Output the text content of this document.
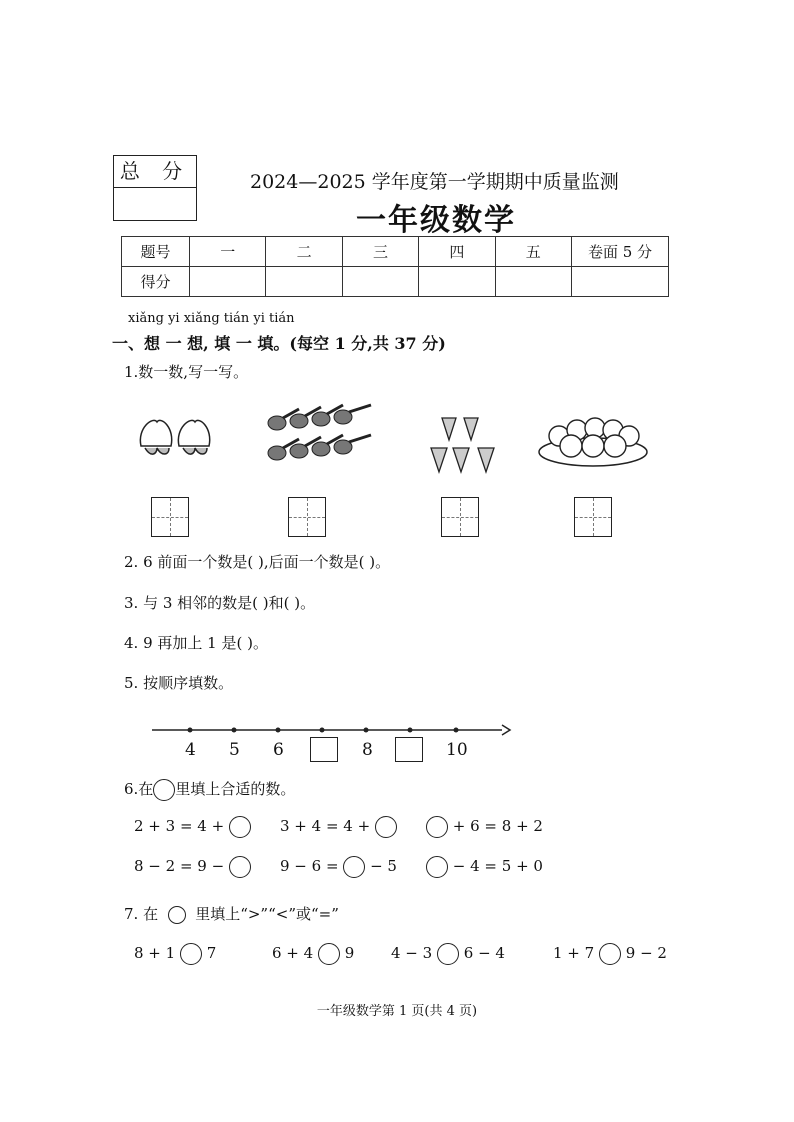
总 分	2024—2025 学年度第一学期期中质量监测
一年级数学
题号	一	二	三	四	五	卷面 5 分
得分						
xiǎng yi xiǎng tián yi tián
一、想 一 想, 填 一 填。(每空 1 分,共 37 分)
1.数一数,写一写。
2. 6 前面一个数是( ),后面一个数是( )。
3. 与 3 相邻的数是( )和( )。
4. 9 再加上 1 是( )。
5. 按顺序填数。
4 5 6	8	10
6.在 里填上合适的数。
2 + 3 = 4 +	3 + 4 = 4 +	+ 6 = 8 + 2
8 − 2 = 9 −	9 − 6 = − 5	− 4 = 5 + 0
7. 在 里填上“>”“<”或“=”
8 + 1 7	6 + 4 9 4 − 3 6 − 4	1 + 7 9 − 2
一年级数学第 1 页(共 4 页)
